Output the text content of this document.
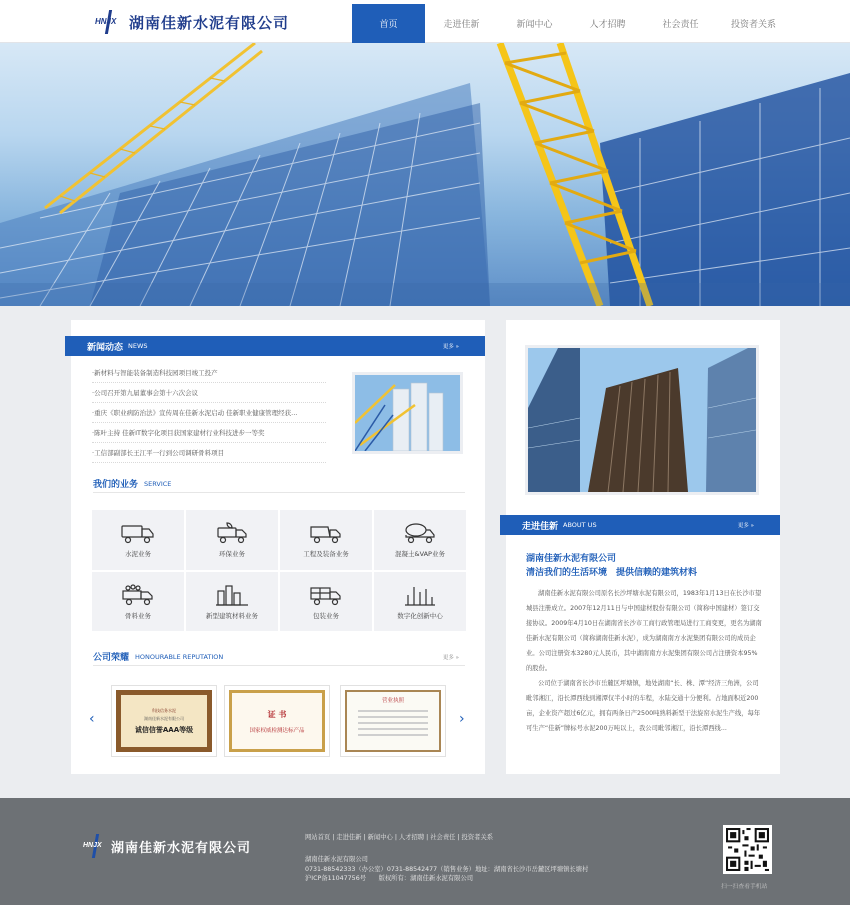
HNJX 湖南佳新水泥有限公司	首页	走进佳新	新闻中心	人才招聘	社会责任	投资者关系
新闻动态 NEWS	更多 »
·新材料与智能装备制造科技园项目竣工投产
·公司召开第九届董事会第十六次会议
·重庆《职业病防治法》宣传周在佳新水泥启动 佳新职业健康管理经获...
·陈叶主持 佳新IT数字化项目获国家建材行业科技进步一等奖
·工信部副部长王江平一行到公司调研骨料项目
我们的业务 SERVICE
水泥业务	环保业务	工程及装备业务	混凝土&VAP业务
骨料业务	新型建筑材料业务	包装业务	数字化创新中心
公司荣耀 HONOURABLE REPUTATION	更多 »
‹	›
科技信务水泥
湖南佳新水泥有限公司
诚信信誉AAA等级
证 书
国家权威检测达标产品
营业执照
走进佳新 ABOUT US	更多 »
湖南佳新水泥有限公司
清洁我们的生活环境　提供信赖的建筑材料

湖南佳新水泥有限公司原名长沙坪塘水泥有限公司，1983年1月13日在长沙市望城县注册成立。2007年12月11日与中国建材股份有限公司（简称中国建材）签订交接协议。2009年4月10日在湖南省长沙市工商行政管理局进行工商变更，更名为湖南佳新水泥有限公司（简称湖南佳新水泥），成为湖南南方水泥集团有限公司的成员企业。公司注册资本3280元人民币，其中湖南南方水泥集团有限公司占注册资本95%的股份。

公司位于湖南省长沙市岳麓区坪塘镇，地处湖南“长、株、潭”经济三角洲，公司毗邻湘江，沿长潭西线到湘潭仅半小时的车程，水陆交通十分便利。占地面积近200亩，企业资产超过6亿元，拥有两条日产2500吨熟料新型干法旋窑水泥生产线，每年可生产“佳新”牌标号水泥200万吨以上，我公司毗邻湘江，沿长潭西线...

HNJX 湖南佳新水泥有限公司
网站首页 | 走进佳新 | 新闻中心 | 人才招聘 | 社会责任 | 投资者关系
湖南佳新水泥有限公司
0731-88542333（办公室）0731-88542477（销售业务）地址：湖南省长沙市岳麓区坪塘镇长塘村
沪ICP备11047756号　　版权所有：湖南佳新水泥有限公司
扫一扫查看手机站
